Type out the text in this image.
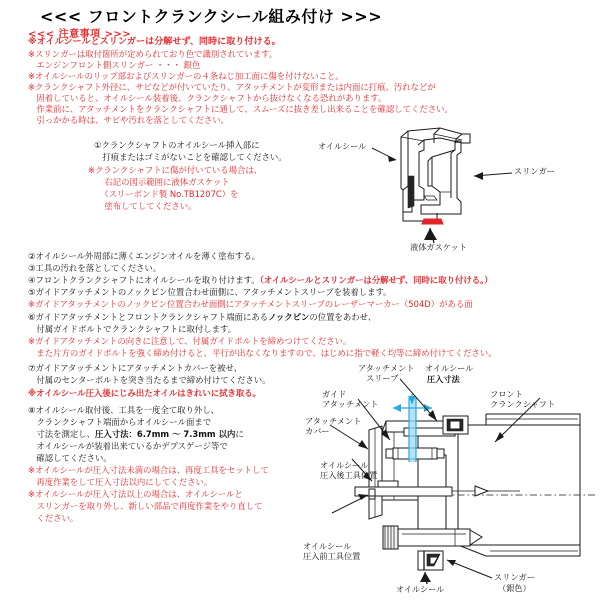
<<< フロントクランクシール組み付け >>>
<<< 注意事項 >>>
※オイルシールとスリンガーは分解せず、同時に取り付ける。
※スリンガーは取付箇所が定められており色で識別されています。
　エンジンフロント側スリンガー ・・・ 銀色
※オイルシールのリップ部およびスリンガーの４条ねじ加工面に傷を付けないこと。
※クランクシャフト外径に、サビなどが付いていたり、アタッチメントが変形または内面に打痕、汚れなどが
　固着していると、オイルシール装着後、クランクシャフトから抜けなくなる恐れがあります。
　作業前に、アタッチメントをクランクシャフトに通して、スムーズに抜き差し出来ることを確認してください。
　引っかかる時は、サビや汚れを落としてください。
①クランクシャフトのオイルシール挿入部に
　打痕またはゴミがないことを確認してください。
※クランクシャフトに傷が付いている場合は、
　右記の図示範囲に液体ガスケット
　（スリーボンド製 No.TB1207C）を
　塗布してしてください。
②オイルシール外周部に薄くエンジンオイルを薄く塗布する。
③工具の汚れを落としてください。
④フロントクランクシャフトにオイルシールを取り付けます。（オイルシールとスリンガーは分解せず、同時に取り付ける。）
⑤ガイドアタッチメントのノックピン位置合わせ面側に、アタッチメントスリーブを装着します。
※ガイドアタッチメントのノックピン位置合わせ面側にアタッチメントスリーブのレーザーマーカー（504D）がある面
⑥ガイドアタッチメントとフロントクランクシャフト端面にあるノックピンの位置をあわせ、
　付属ガイドボルトでクランクシャフトに取付します。
※ガイドアタッチメントの向きに注意して、付属ガイドボルトを締めつけてください。
　また片方のガイドボルトを強く締め付けると、平行が出なくなりますので、はじめに指で軽く均等に締め付けてください。
⑦ガイドアタッチメントにアタッチメントカバーを被せ、
　付属のセンターボルトを突き当たるまで締め付けてください。
※オイルシール圧入後にじみ出たオイルはきれいに拭き取る。
⑧オイルシール取付後、工具を一度全て取り外し、
　クランクシャフト端面からオイルシール面まで
　寸法を測定し、圧入寸法：6.7mm ～ 7.3mm 以内に
　オイルシールが装着出来ているかデプスゲージ等で
　確認してください。
※オイルシールが圧入寸法未満の場合は、再度工具をセットして
　再度作業をして圧入寸法以内にしてください。
※オイルシールが圧入寸法以上の場合は、オイルシールと
　スリンガーを取り外し、新しい部品で再度作業をやり直して
　ください。
オイルシール
スリンガー
液体ガスケット
アタッチメント
スリーブ
オイルシール
圧入寸法
ガイド
アタッチメント
フロント
クランクシャフト
アタッチメント
カバー
オイルシール
圧入後工具位置
オイルシール
圧入前工具位置
オイルシール
スリンガー
（銀色）
